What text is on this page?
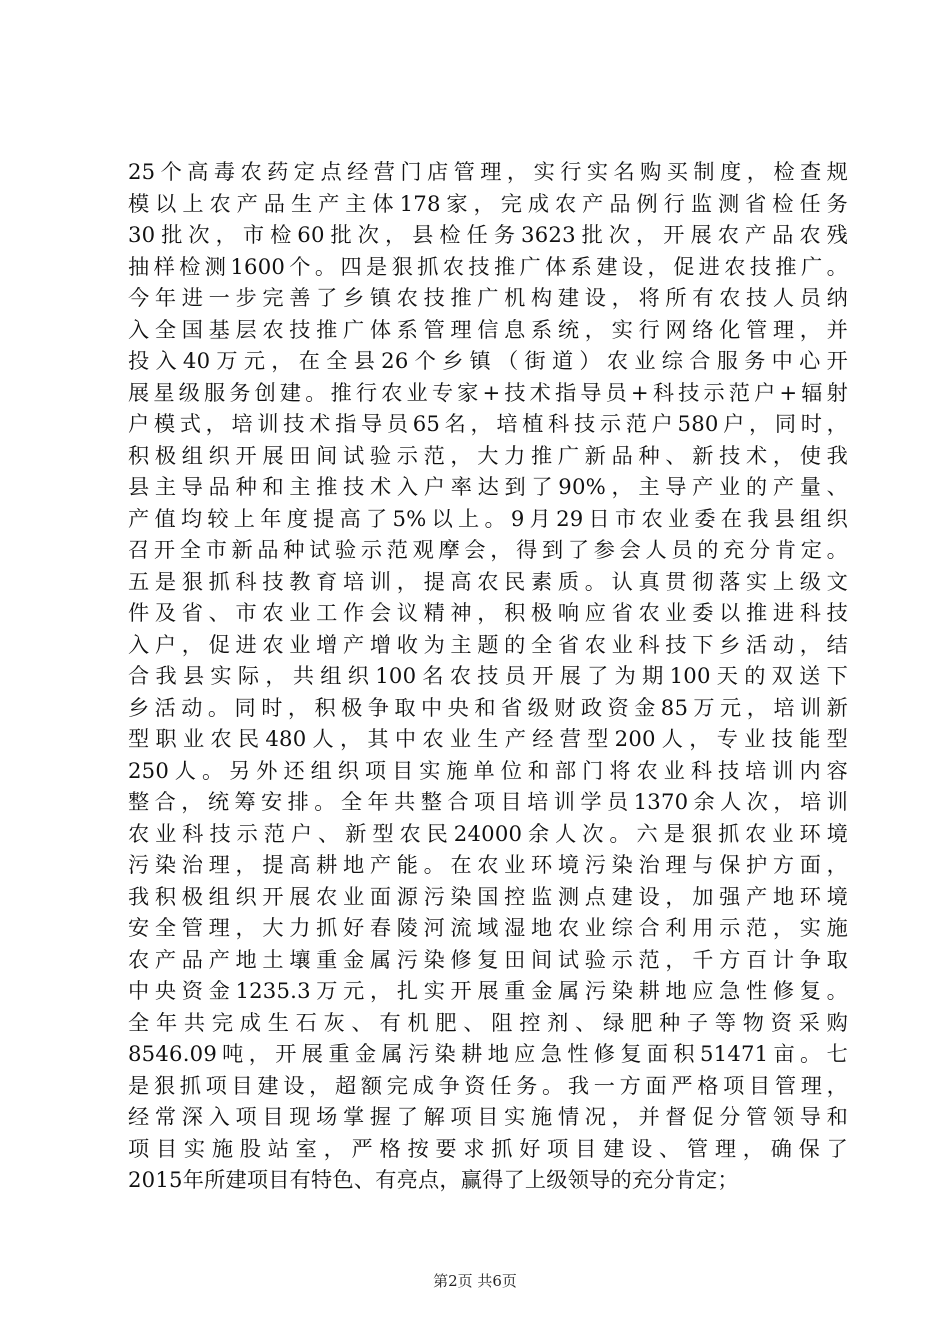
25个高毒农药定点经营门店管理，实行实名购买制度，检查规
模以上农产品生产主体178家，完成农产品例行监测省检任务
30批次，市检60批次，县检任务3623批次，开展农产品农残
抽样检测1600个。四是狠抓农技推广体系建设，促进农技推广。
今年进一步完善了乡镇农技推广机构建设，将所有农技人员纳
入全国基层农技推广体系管理信息系统，实行网络化管理，并
投入40万元，在全县26个乡镇（街道）农业综合服务中心开
展星级服务创建。推行农业专家+技术指导员+科技示范户+辐射
户模式，培训技术指导员65名，培植科技示范户580户，同时，
积极组织开展田间试验示范，大力推广新品种、新技术，使我
县主导品种和主推技术入户率达到了90%，主导产业的产量、
产值均较上年度提高了5%以上。9月29日市农业委在我县组织
召开全市新品种试验示范观摩会，得到了参会人员的充分肯定。
五是狠抓科技教育培训，提高农民素质。认真贯彻落实上级文
件及省、市农业工作会议精神，积极响应省农业委以推进科技
入户，促进农业增产增收为主题的全省农业科技下乡活动，结
合我县实际，共组织100名农技员开展了为期100天的双送下
乡活动。同时，积极争取中央和省级财政资金85万元，培训新
型职业农民480人，其中农业生产经营型200人，专业技能型
250人。另外还组织项目实施单位和部门将农业科技培训内容
整合，统筹安排。全年共整合项目培训学员1370余人次，培训
农业科技示范户、新型农民24000余人次。六是狠抓农业环境
污染治理，提高耕地产能。在农业环境污染治理与保护方面，
我积极组织开展农业面源污染国控监测点建设，加强产地环境
安全管理，大力抓好春陵河流域湿地农业综合利用示范，实施
农产品产地土壤重金属污染修复田间试验示范，千方百计争取
中央资金1235.3万元，扎实开展重金属污染耕地应急性修复。
全年共完成生石灰、有机肥、阻控剂、绿肥种子等物资采购
8546.09吨，开展重金属污染耕地应急性修复面积51471亩。七
是狠抓项目建设，超额完成争资任务。我一方面严格项目管理，
经常深入项目现场掌握了解项目实施情况，并督促分管领导和
项目实施股站室，严格按要求抓好项目建设、管理，确保了
2015年所建项目有特色、有亮点，赢得了上级领导的充分肯定；
第2页 共6页
